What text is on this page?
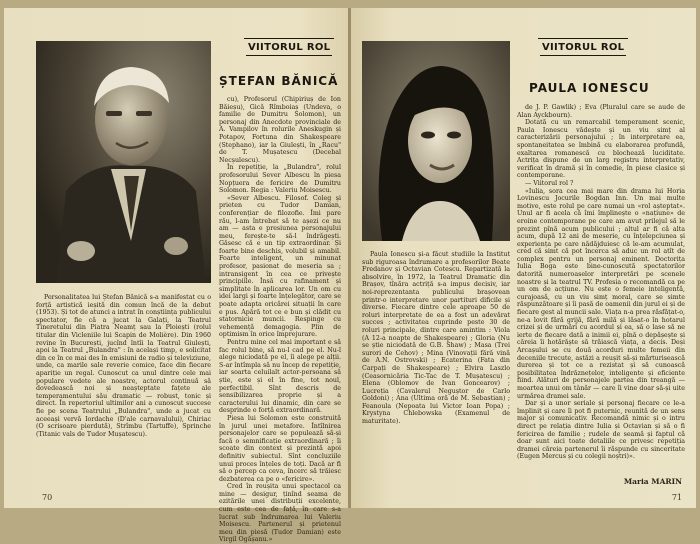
VIITORUL ROL
ȘTEFAN BĂNICĂ

Personalitatea lui Ștefan Bănică s-a manifestat cu o forță artistică ieșită din comun încă de la debut (1953). Și tot de atunci a intrat în conștiința publicului spectator, fie că a jucat la Galați, la Teatrul Tineretului din Piatra Neamț sau la Ploiești (rolul titular din Vicleniile lui Scapin de Molière). Din 1960 revine în București, jucînd întîi la Teatrul Giulești, apoi la Teatrul „Bulandra" : în același timp, e solicitat din ce în ce mai des în emisiuni de radio și televiziune, unde, ca marile sale reverie comice, face din fiecare apariție un regal. Cunoscut ca unul dintre cele mai populare vedete ale noastre, actorul continuă să dovedească noi și neașteptate fațete ale temperamentului său dramatic — robust, tonic și direct. În repertoriul ultimilor ani a cunoscut succese fie pe scena Teatrului „Bulandra", unde a jucat cu aceeași vervă Iordache (D'ale carnavalului), Chiriac (O scrisoare pierdută), Strîmbu (Tartuffe), Sprinche (Titanic vals de Tudor Mușatescu).

cu), Profesorul (Chipiriuș de Ion Băieșu), Gică Rîmboiaș (Undeva, o familie de Dumitru Solomon), un personaj din Anecdote provinciale de A. Vampilov în rolurile Aneskugin și Potapov, Fortuna din Shakespeare (Stephano), iar la Giulești, în „Racu" de T. Mușatescu (Decebal Necșulescu).

În repetiție, la „Bulandra", rolul profesorului Sever Albescu în piesa Nopțuera de fericire de Dumitru Solomon. Regia : Valeriu Moisescu.

«Sever Albescu. Filosof. Coleg și prieten cu Tudor Damian, conferențiar de filozofie. Îmi pare rău, l-am întrebat să te așezi ce nu am — asta e presiunea personajului meu, ferește-te să-l îndrăgești. Găsesc că e un tip extraordinar. Și foarte bine deschis, volubil și amabil. Foarte inteligent, un minunat profesor, pasionat de meseria sa ; intransigent în cea ce privește principiile. Însă cu rafinament și simplitate în aplicarea lor. Un om cu idei largi și foarte înțelegător, care se poate adapta oricărei situații în care e pus. Apără tot ce e bun și clădit cu statornicie muncii. Respinge cu vehemență demagogia. Plin de optimism în orice împrejurare.

Pentru mine cel mai important e să fac rolul bine, să nu-l cad pe el. Nu-l alege niciodată pe el, îi alege pe alții. S-ar întîmpla să nu încep de repetiție, iar soarta celuilalt actor-persoana să știe, este și el în fine, tot noul, perfectibil. Sînt descris de sensibilizarea proprie și a caracterului lui dinamic, din care se desprinde e forță extraordinară.

Piesa lui Solomon este construită în jurul unei metafore. Întîlnirea personajelor care se populează să-și facă o semnificație extraordinară ; îi scoate din context și prezintă apoi definitiv subiectul. Sînt concluziile unui proces înțeles de toți. Dacă ar fi să o percep ca ceva, încerc să trăiesc dezbaterea ca pe o «fericire».

Cred în reușita unui spectacol ca mine — desigur, ținînd seama de ezitările unei distribuții excelente, cum este cea de față, în care s-a lucrat sub îndrumarea lui Valeriu Moisescu. Partenerul și prietenul meu din piesă (Tudor Damian) este Virgil Ogășanu.»

70
VIITORUL ROL
PAULA IONESCU

Paula Ionescu și-a făcut studiile la Institut sub riguroasa îndrumare a profesorilor Beate Fredanov și Octavian Cotescu. Repartizată la absolvire, în 1972, la Teatrul Dramatic din Brașov, tînăra actriță s-a impus decisiv, iar noi-reprezentanta publicului brașovean printr-o interpretare unor partituri dificile și diverse. Fiecare dintre cele aproape 50 de roluri interpretate de ea a fost un adevărat succes ; activitatea cuprinde peste 30 de roluri principale, dintre care amintim : Viola (A 12-a noapte de Shakespeare) ; Gloria (Nu se știe niciodată de G.B. Shaw) ; Masa (Trei surori de Cehov) ; Mina (Vinovații fără vină de A.N. Ostrovski) ; Ecaterina (Fata din Carpați de Shakespeare) ; Elvira Laszlo (Ceasornicăria Tic-Tac de T. Mușatescu) ; Elena (Oblomov de Ivan Goncearov) ; Lucreția (Cavalerul Neguștor de Carlo Goldoni) ; Ana (Ultima oră de M. Sebastian) ; Feanoula (Nepoata lui Victor Ioan Popa) ; Krystyna Chlebowska (Examenul de maturitate).

de J. P. Gawlik) ; Eva (Pluralul care se aude de Alan Ayckbourn).

Dotată cu un remarcabil temperament scenic, Paula Ionescu vădește și un viu simț al caracterizării personajului ; în interpretare ea, spontaneitatea se îmbină cu elaborarea profundă, exaltarea romanescă cu blochează luciditate. Actrița dispune de un larg registru interpretativ, verificat în dramă și în comedie, în piese clasice și contemporane.

— Viitorul rol ?

«Iulia, sora cea mai mare din drama lui Horia Lovinescu Jocurile Bogdan Inn. Un mai multe motive, este rolul pe care numai un «rol așteptat». Unul ar fi acela că îmi împlinește o «națiune» de eroine contemporane pe care am avut prilejul să le prezint pînă acum publicului ; altul ar fi că alta acum, după 12 ani de meserie, cu înțelepciunea și experiența pe care nădăjduiesc că le-am acumulat, cred că simt că pot încerca să aduc un rol atît de complex pentru un personaj eminent. Doctorița Iulia Boga este bine-cunoscută spectatorilor datorită numeroaselor interpretări pe scenele noastre și la teatrul TV. Profesia o recomandă ca pe un om de acțiune. Nu este o femeie inteligentă, curajoasă, cu un viu simț moral, care se simte răspunzătoare și îi pasă de oamenii din jurul ei și de fiecare gest al muncii sale. Viața n-a prea răsfățat-o, ne-a lovit fără grijă, fără milă și lăsat-o în hotarul crizei și de urmări cu acordul și ea, să o lase să ne ierte de fiecare dată a inimii ei, pînă o depășește și căreia îi hotărăște să trăiască viața, a decis. Deși Arcașului se cu două acorduri multe femeii din deceniile trecute, astăzi a reușit să-și mărturisească durerea și tot ce a rezistat și să cunoască posibilitatea îndrăznețelor, inteligente și eficiente fiind. Alături de personajele partea din treangă — moartea unui om tânăr — care îi vine doar să-și uite urmărea dramei sale.

Dar și a unor seriale și personaj fiecare ce le-a împlinit și care îi pot fi puternic, reunită de un sens major și comunicativ. Recomandă nimic și o intru direct pe relația dintre Iulia și Octavian și să o fi fericirea de familie ; rudele de seamă și faptul că doar sunt aici toate detaliile ce privesc repetiția dramei căreia partenerul îi răspunde cu sinceritate (Eugen Mercus și cu colegii noștri)».

Maria MARIN
71
